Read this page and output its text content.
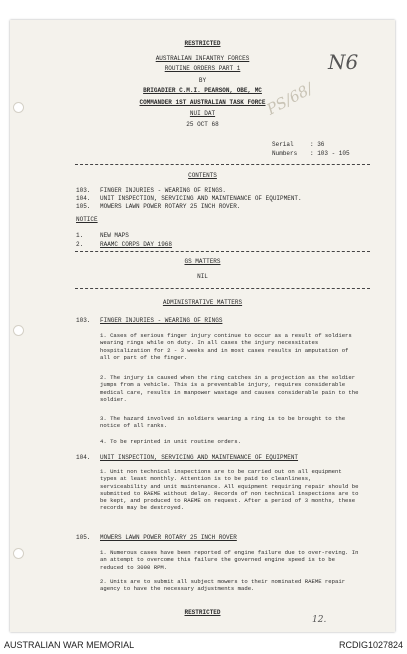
PS/68/
N6
RESTRICTED
AUSTRALIAN INFANTRY FORCES
ROUTINE ORDERS PART 1
BY
BRIGADIER C.M.I. PEARSON, OBE, MC
COMMANDER 1ST AUSTRALIAN TASK FORCE
NUI DAT
25 OCT 68
Serial	: 36
Numbers : 103 - 105
CONTENTS
103. FINGER INJURIES - WEARING OF RINGS.
104. UNIT INSPECTION, SERVICING AND MAINTENANCE OF EQUIPMENT.
105. MOWERS LAWN POWER ROTARY 25 INCH ROVER.
NOTICE
1.	NEW MAPS
2.	RAAMC CORPS DAY 1968
GS MATTERS
NIL
ADMINISTRATIVE MATTERS
103. FINGER INJURIES - WEARING OF RINGS
1. Cases of serious finger injury continue to occur as a result of soldiers wearing rings while on duty. In all cases the injury necessitates hospitalization for 2 - 3 weeks and in most cases results in amputation of all or part of the finger.
2. The injury is caused when the ring catches in a projection as the soldier jumps from a vehicle. This is a preventable injury, requires considerable medical care, results in manpower wastage and causes considerable pain to the soldier.
3. The hazard involved in soldiers wearing a ring is to be brought to the notice of all ranks.
4. To be reprinted in unit routine orders.
104. UNIT INSPECTION, SERVICING AND MAINTENANCE OF EQUIPMENT
1. Unit non technical inspections are to be carried out on all equipment types at least monthly. Attention is to be paid to cleanliness, serviceability and unit maintenance. All equipment requiring repair should be submitted to RAEME without delay. Records of non technical inspections are to be kept, and produced to RAEME on request. After a period of 3 months, these records may be destroyed.
105. MOWERS LAWN POWER ROTARY 25 INCH ROVER
1. Numerous cases have been reported of engine failure due to over-reving. In an attempt to overcome this failure the governed engine speed is to be reduced to 3000 RPM.
2. Units are to submit all subject mowers to their nominated RAEME repair agency to have the necessary adjustments made.
RESTRICTED
12.
AUSTRALIAN WAR MEMORIAL	RCDIG1027824
